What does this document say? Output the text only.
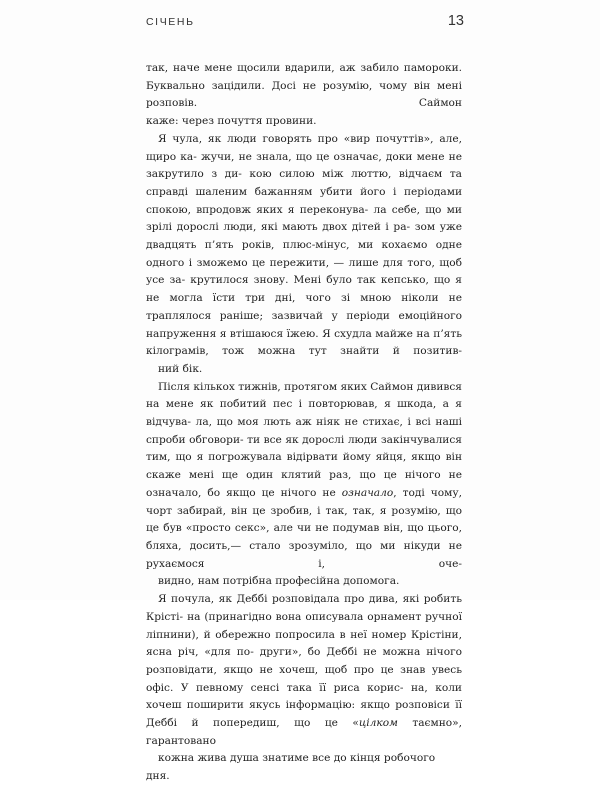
СІЧЕНЬ	13

так, наче мене щосили вдарили, аж забило памороки. Буквально зацідили. Досі не розумію, чому він мені розповів. Саймон
каже: через почуття провини.

Я чула, як люди говорять про «вир почуттів», але, щиро ка- жучи, не знала, що це означає, доки мене не закрутило з ди- кою силою між люттю, відчаєм та справді шаленим бажанням убити його і періодами спокою, впродовж яких я переконува- ла себе, що ми зрілі дорослі люди, які мають двох дітей і ра- зом уже двадцять п’ять років, плюс-мінус, ми кохаємо одне одного і зможемо це пережити, — лише для того, щоб усе за- крутилося знову. Мені було так кепсько, що я не могла їсти три дні, чого зі мною ніколи не траплялося раніше; зазвичай у періоди емоційного напруження я втішаюся їжею. Я схудла майже на п’ять кілограмів, тож можна тут знайти й позитив-
ний бік.

Після кількох тижнів, протягом яких Саймон дивився на мене як побитий пес і повторював, я шкода, а я відчува- ла, що моя лють аж ніяк не стихає, і всі наші спроби обговори- ти все як дорослі люди закінчувалися тим, що я погрожувала відірвати йому яйця, якщо він скаже мені ще один клятий раз, що це нічого не означало, бо якщо це нічого не означало, тоді чому, чорт забирай, він це зробив, і так, так, я розумію, що це був «просто секс», але чи не подумав він, що цього, бляха, досить,— стало зрозуміло, що ми нікуди не рухаємося і, оче-
видно, нам потрібна професійна допомога.

Я почула, як Деббі розповідала про дива, які робить Крісті- на (принагідно вона описувала орнамент ручної ліпнини), й обережно попросила в неї номер Крістіни, ясна річ, «для по- други», бо Деббі не можна нічого розповідати, якщо не хочеш, щоб про це знав увесь офіс. У певному сенсі така її риса кориc- на, коли хочеш поширити якусь інформацію: якщо розповіси її Деббі й попередиш, що це «цілком таємно», гарантовано
кожна жива душа знатиме все до кінця робочого дня.
